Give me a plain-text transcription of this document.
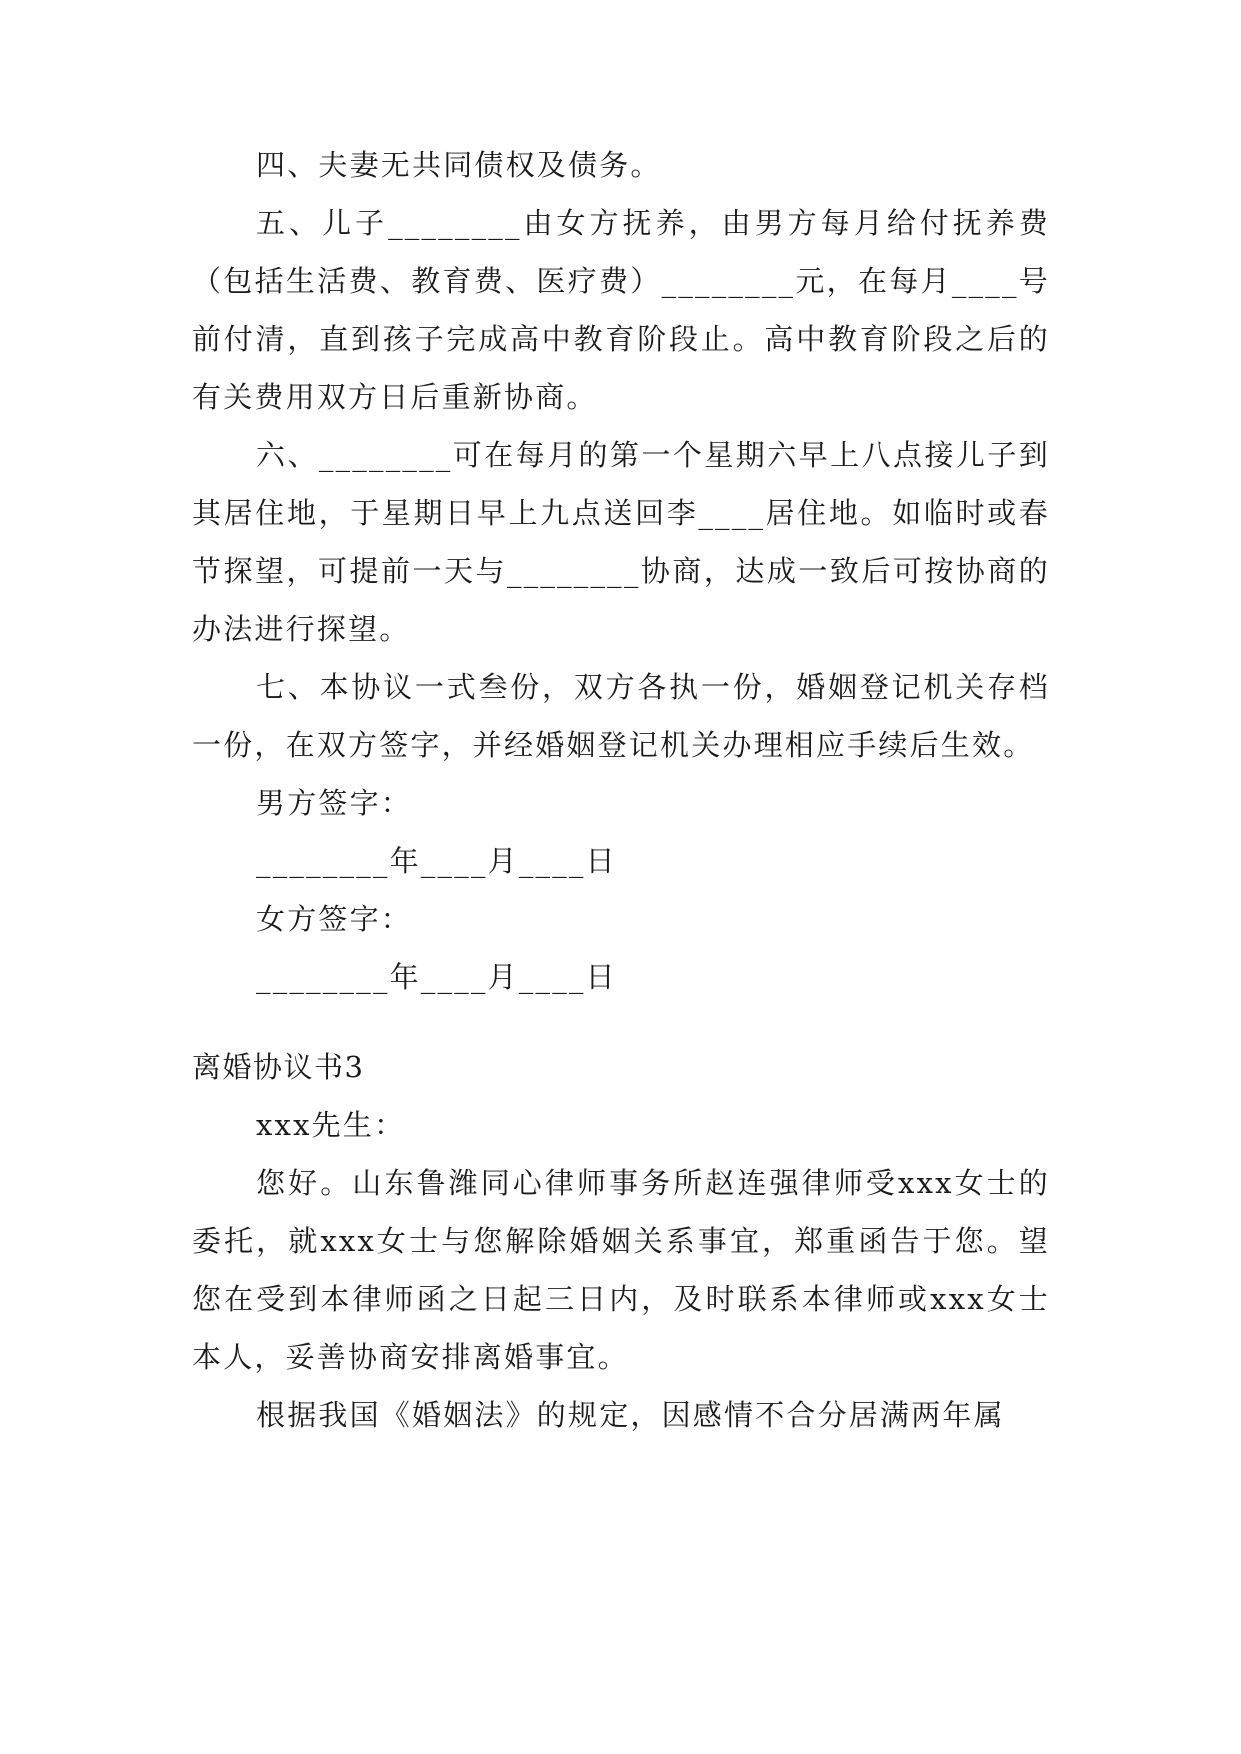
四、夫妻无共同债权及债务。

五、儿子________由女方抚养，由男方每月给付抚养费（包括生活费、教育费、医疗费）________元，在每月____号前付清，直到孩子完成高中教育阶段止。高中教育阶段之后的有关费用双方日后重新协商。

六、________可在每月的第一个星期六早上八点接儿子到其居住地，于星期日早上九点送回李____居住地。如临时或春节探望，可提前一天与________协商，达成一致后可按协商的办法进行探望。

七、本协议一式叁份，双方各执一份，婚姻登记机关存档一份，在双方签字，并经婚姻登记机关办理相应手续后生效。

男方签字：

________年____月____日

女方签字：

________年____月____日

离婚协议书3

xxx先生：

您好。山东鲁潍同心律师事务所赵连强律师受xxx女士的委托，就xxx女士与您解除婚姻关系事宜，郑重函告于您。望您在受到本律师函之日起三日内，及时联系本律师或xxx女士本人，妥善协商安排离婚事宜。

根据我国《婚姻法》的规定，因感情不合分居满两年属
